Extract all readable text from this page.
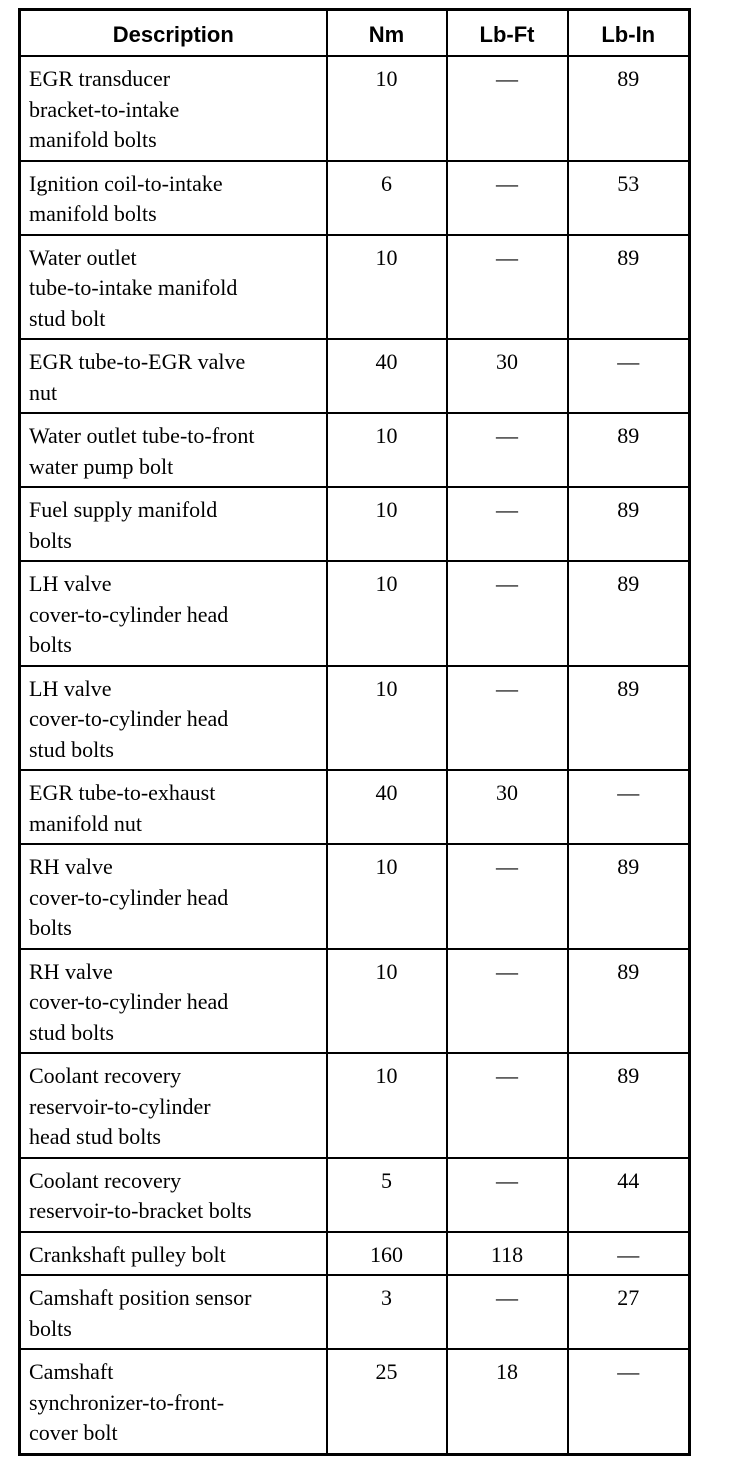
Description	Nm	Lb-Ft	Lb-In

EGR transducer
bracket-to-intake
manifold bolts	10	—	89

Ignition coil-to-intake
manifold bolts	6	—	53

Water outlet
tube-to-intake manifold
stud bolt	10	—	89

EGR tube-to-EGR valve
nut	40	30	—

Water outlet tube-to-front
water pump bolt	10	—	89

Fuel supply manifold
bolts	10	—	89

LH valve
cover-to-cylinder head
bolts	10	—	89

LH valve
cover-to-cylinder head
stud bolts	10	—	89

EGR tube-to-exhaust
manifold nut	40	30	—

RH valve
cover-to-cylinder head
bolts	10	—	89

RH valve
cover-to-cylinder head
stud bolts	10	—	89

Coolant recovery
reservoir-to-cylinder
head stud bolts	10	—	89

Coolant recovery
reservoir-to-bracket bolts	5	—	44

Crankshaft pulley bolt	160	118	—

Camshaft position sensor
bolts	3	—	27

Camshaft
synchronizer-to-front-
cover bolt	25	18	—
